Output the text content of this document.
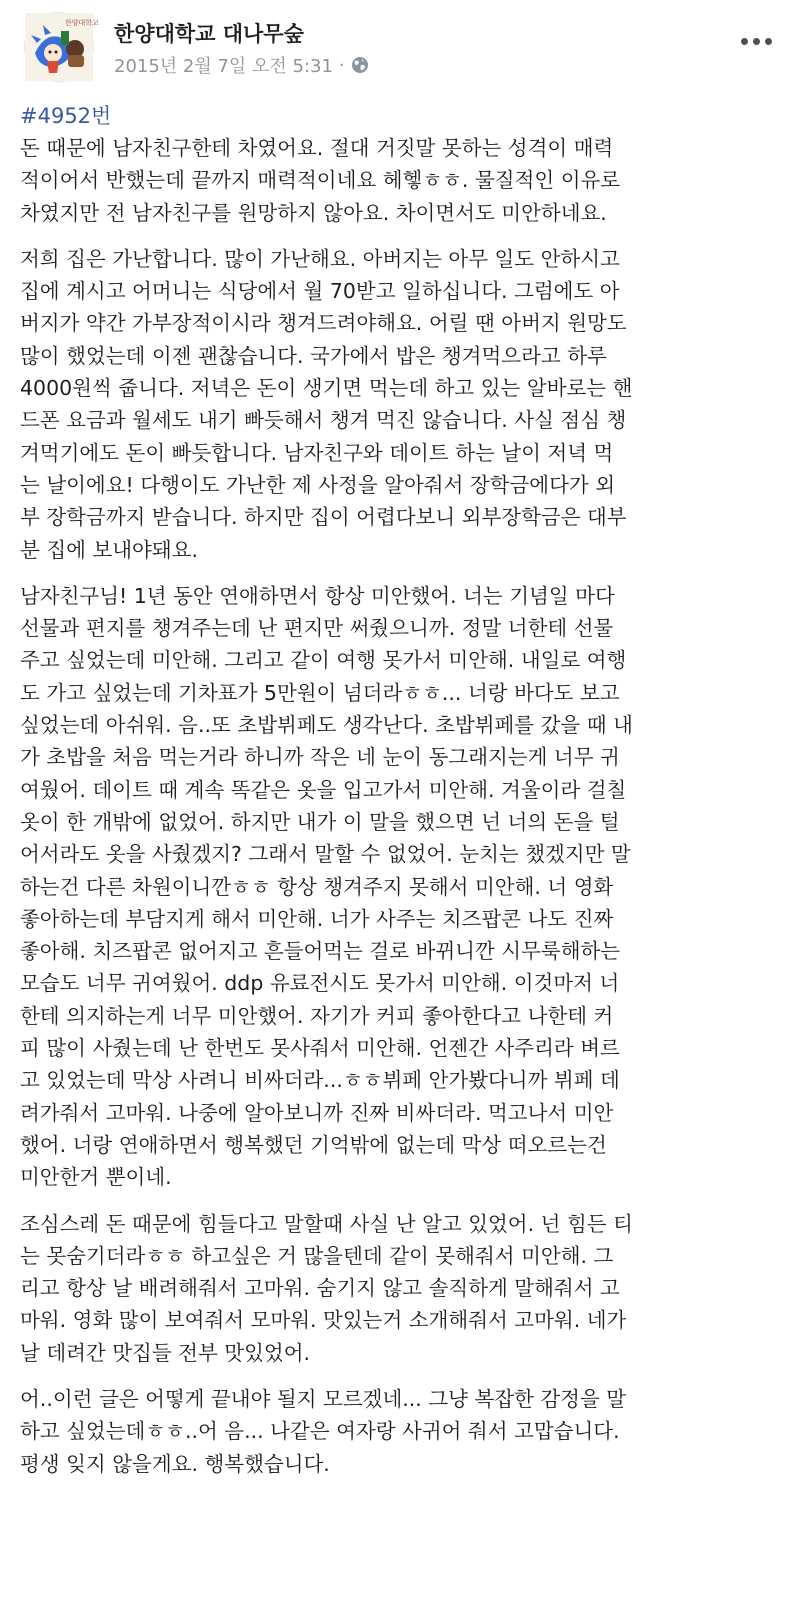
한양대학교 한양대학교 대나무숲
2015년 2월 7일 오전 5:31 ·
#4952번
돈 때문에 남자친구한테 차였어요. 절대 거짓말 못하는 성격이 매력
적이어서 반했는데 끝까지 매력적이네요 헤헿ㅎㅎ. 물질적인 이유로
차였지만 전 남자친구를 원망하지 않아요. 차이면서도 미안하네요.
저희 집은 가난합니다. 많이 가난해요. 아버지는 아무 일도 안하시고
집에 계시고 어머니는 식당에서 월 70받고 일하십니다. 그럼에도 아
버지가 약간 가부장적이시라 챙겨드려야해요. 어릴 땐 아버지 원망도
많이 했었는데 이젠 괜찮습니다. 국가에서 밥은 챙겨먹으라고 하루
4000원씩 줍니다. 저녁은 돈이 생기면 먹는데 하고 있는 알바로는 핸
드폰 요금과 월세도 내기 빠듯해서 챙겨 먹진 않습니다. 사실 점심 챙
겨먹기에도 돈이 빠듯합니다. 남자친구와 데이트 하는 날이 저녁 먹
는 날이에요! 다행이도 가난한 제 사정을 알아줘서 장학금에다가 외
부 장학금까지 받습니다. 하지만 집이 어렵다보니 외부장학금은 대부
분 집에 보내야돼요.
남자친구님! 1년 동안 연애하면서 항상 미안했어. 너는 기념일 마다
선물과 편지를 챙겨주는데 난 편지만 써줬으니까. 정말 너한테 선물
주고 싶었는데 미안해. 그리고 같이 여행 못가서 미안해. 내일로 여행
도 가고 싶었는데 기차표가 5만원이 넘더라ㅎㅎ... 너랑 바다도 보고
싶었는데 아쉬워. 음..또 초밥뷔페도 생각난다. 초밥뷔페를 갔을 때 내
가 초밥을 처음 먹는거라 하니까 작은 네 눈이 동그래지는게 너무 귀
여웠어. 데이트 때 계속 똑같은 옷을 입고가서 미안해. 겨울이라 걸칠
옷이 한 개밖에 없었어. 하지만 내가 이 말을 했으면 넌 너의 돈을 털
어서라도 옷을 사줬겠지? 그래서 말할 수 없었어. 눈치는 챘겠지만 말
하는건 다른 차원이니깐ㅎㅎ 항상 챙겨주지 못해서 미안해. 너 영화
좋아하는데 부담지게 해서 미안해. 너가 사주는 치즈팝콘 나도 진짜
좋아해. 치즈팝콘 없어지고 흔들어먹는 걸로 바뀌니깐 시무룩해하는
모습도 너무 귀여웠어. ddp 유료전시도 못가서 미안해. 이것마저 너
한테 의지하는게 너무 미안했어. 자기가 커피 좋아한다고 나한테 커
피 많이 사줬는데 난 한번도 못사줘서 미안해. 언젠간 사주리라 벼르
고 있었는데 막상 사려니 비싸더라...ㅎㅎ뷔페 안가봤다니까 뷔페 데
려가줘서 고마워. 나중에 알아보니까 진짜 비싸더라. 먹고나서 미안
했어. 너랑 연애하면서 행복했던 기억밖에 없는데 막상 떠오르는건
미안한거 뿐이네.
조심스레 돈 때문에 힘들다고 말할때 사실 난 알고 있었어. 넌 힘든 티
는 못숨기더라ㅎㅎ 하고싶은 거 많을텐데 같이 못해줘서 미안해. 그
리고 항상 날 배려해줘서 고마워. 숨기지 않고 솔직하게 말해줘서 고
마워. 영화 많이 보여줘서 모마워. 맛있는거 소개해줘서 고마워. 네가
날 데려간 맛집들 전부 맛있었어.
어..이런 글은 어떻게 끝내야 될지 모르겠네... 그냥 복잡한 감정을 말
하고 싶었는데ㅎㅎ..어 음... 나같은 여자랑 사귀어 줘서 고맙습니다.
평생 잊지 않을게요. 행복했습니다.
